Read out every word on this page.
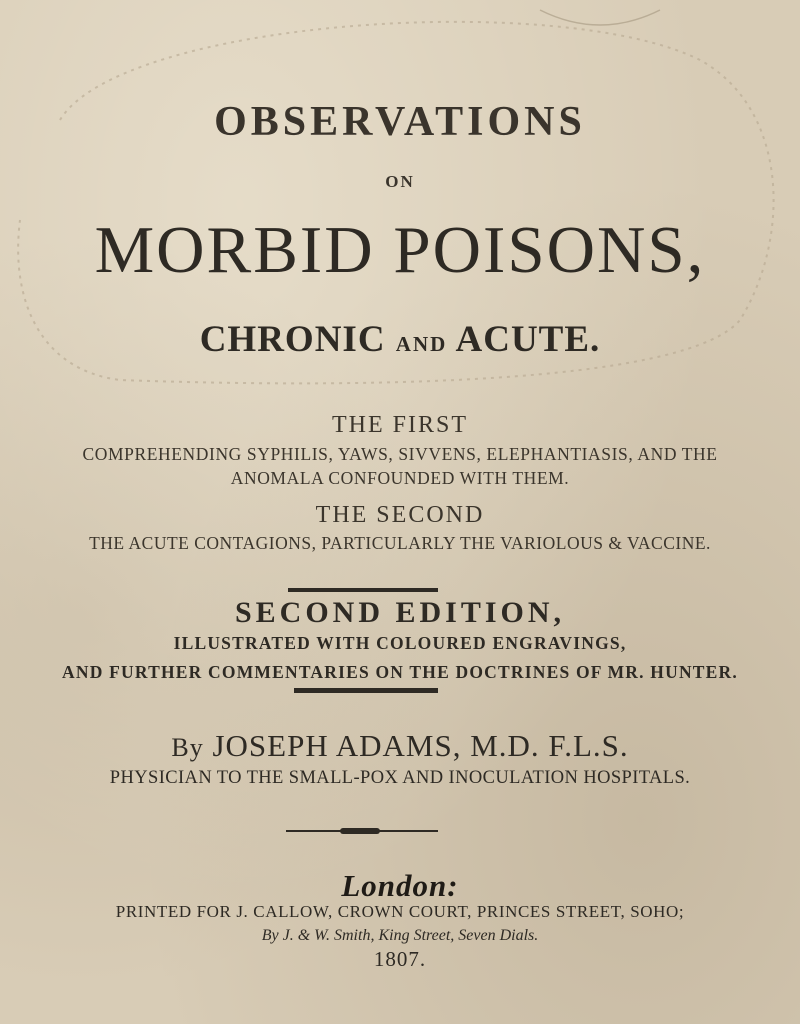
OBSERVATIONS
ON
MORBID POISONS,
CHRONIC AND ACUTE.
THE FIRST
COMPREHENDING SYPHILIS, YAWS, SIVVENS, ELEPHANTIASIS, AND THE
ANOMALA CONFOUNDED WITH THEM.
THE SECOND
THE ACUTE CONTAGIONS, PARTICULARLY THE VARIOLOUS & VACCINE.
SECOND EDITION,
ILLUSTRATED WITH COLOURED ENGRAVINGS,
AND FURTHER COMMENTARIES ON THE DOCTRINES OF MR. HUNTER.
By JOSEPH ADAMS, M.D. F.L.S.
PHYSICIAN TO THE SMALL-POX AND INOCULATION HOSPITALS.
London:
PRINTED FOR J. CALLOW, CROWN COURT, PRINCES STREET, SOHO;
By J. & W. Smith, King Street, Seven Dials.
1807.
